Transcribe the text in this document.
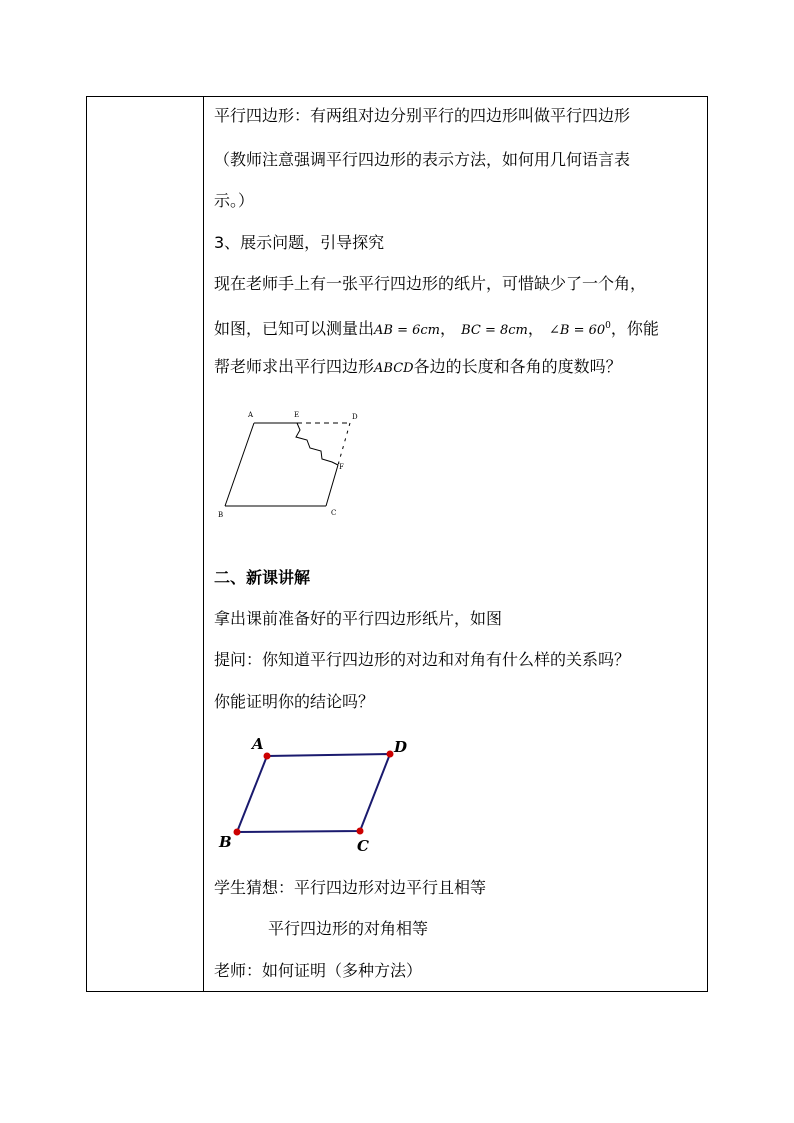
平行四边形：有两组对边分别平行的四边形叫做平行四边形
（教师注意强调平行四边形的表示方法，如何用几何语言表
示。）
3、展示问题，引导探究
现在老师手上有一张平行四边形的纸片，可惜缺少了一个角，
如图，已知可以测量出AB = 6cm， BC = 8cm， ∠B = $60^0$，你能
帮老师求出平行四边形ABCD各边的长度和各角的度数吗？
A	E	D
F
B	C
二、新课讲解
拿出课前准备好的平行四边形纸片，如图
提问：你知道平行四边形的对边和对角有什么样的关系吗？
你能证明你的结论吗？
A	D
B	C
学生猜想：平行四边形对边平行且相等
平行四边形的对角相等
老师：如何证明（多种方法）
